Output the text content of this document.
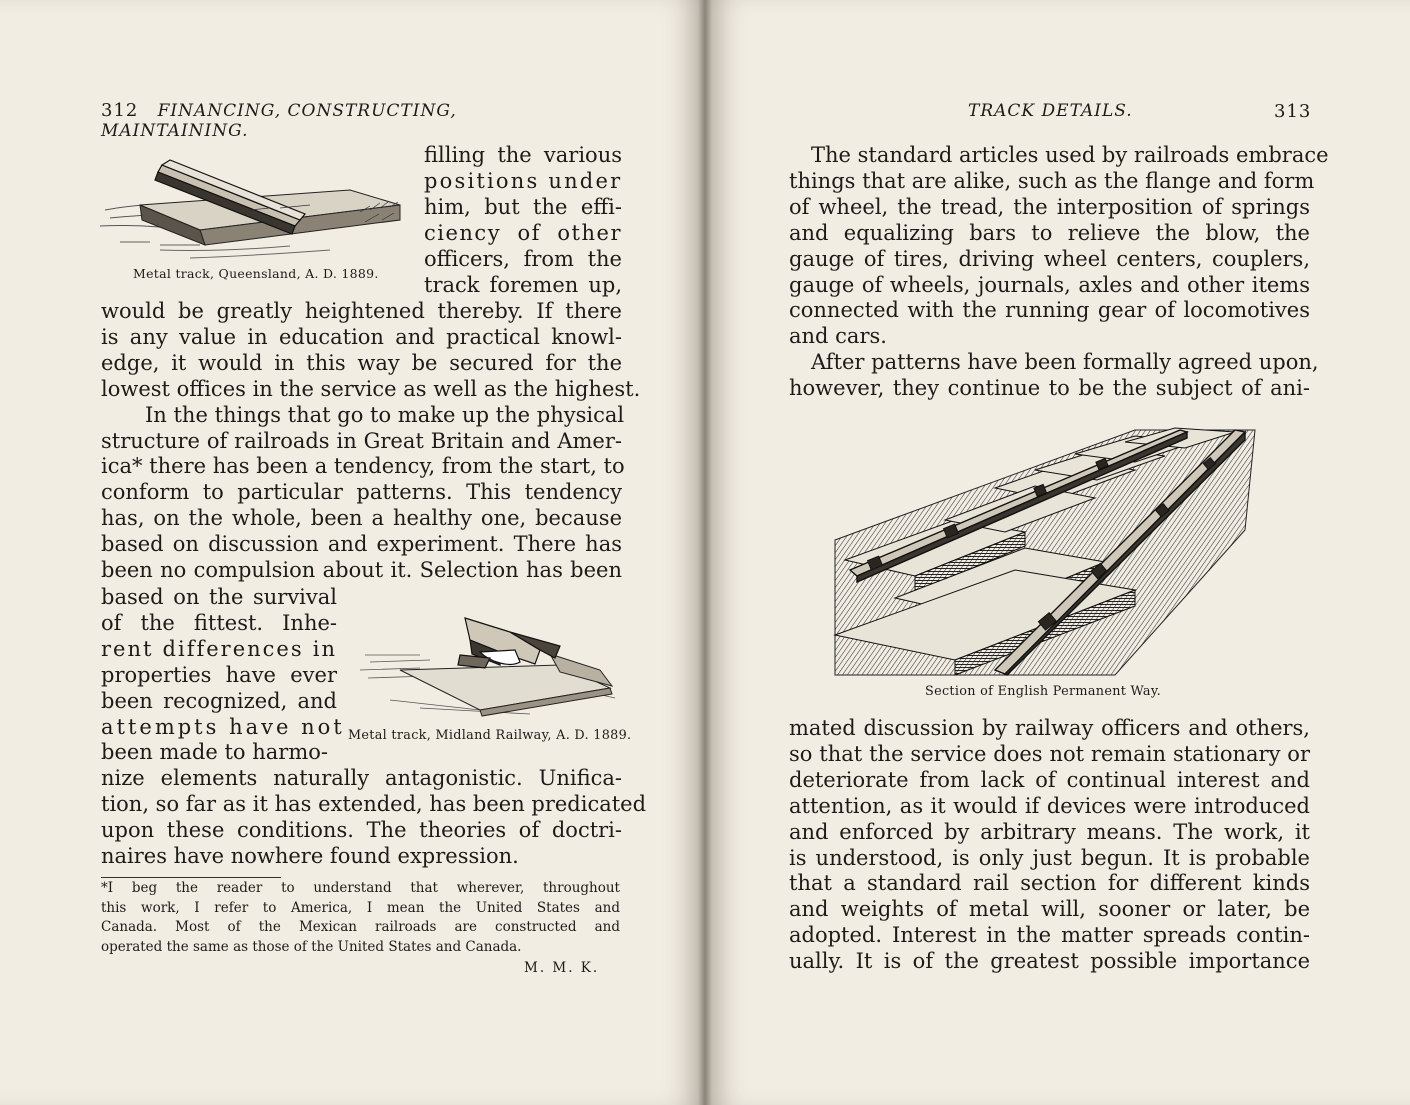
312 FINANCING, CONSTRUCTING, MAINTAINING.
Metal track, Queensland, A. D. 1889.
filling the various
positions under
him, but the effi-
ciency of other
officers, from the
track foremen up,
would be greatly heightened thereby. If there
is any value in education and practical knowl-
edge, it would in this way be secured for the
lowest offices in the service as well as the highest.
In the things that go to make up the physical
structure of railroads in Great Britain and Amer-
ica* there has been a tendency, from the start, to
conform to particular patterns. This tendency
has, on the whole, been a healthy one, because
based on discussion and experiment. There has
been no compulsion about it. Selection has been
based on the survival
of the fittest. Inhe-
rent differences in
properties have ever
been recognized, and
attempts have not
been made to harmo-
Metal track, Midland Railway, A. D. 1889.
nize elements naturally antagonistic. Unifica-
tion, so far as it has extended, has been predicated
upon these conditions. The theories of doctri-
naires have nowhere found expression.
*I beg the reader to understand that wherever, throughout
this work, I refer to America, I mean the United States and
Canada. Most of the Mexican railroads are constructed and
operated the same as those of the United States and Canada.
M. M. K.
TRACK DETAILS.	313
The standard articles used by railroads embrace
things that are alike, such as the flange and form
of wheel, the tread, the interposition of springs
and equalizing bars to relieve the blow, the
gauge of tires, driving wheel centers, couplers,
gauge of wheels, journals, axles and other items
connected with the running gear of locomotives
and cars.
After patterns have been formally agreed upon,
however, they continue to be the subject of ani-
Section of English Permanent Way.
mated discussion by railway officers and others,
so that the service does not remain stationary or
deteriorate from lack of continual interest and
attention, as it would if devices were introduced
and enforced by arbitrary means. The work, it
is understood, is only just begun. It is probable
that a standard rail section for different kinds
and weights of metal will, sooner or later, be
adopted. Interest in the matter spreads contin-
ually. It is of the greatest possible importance
